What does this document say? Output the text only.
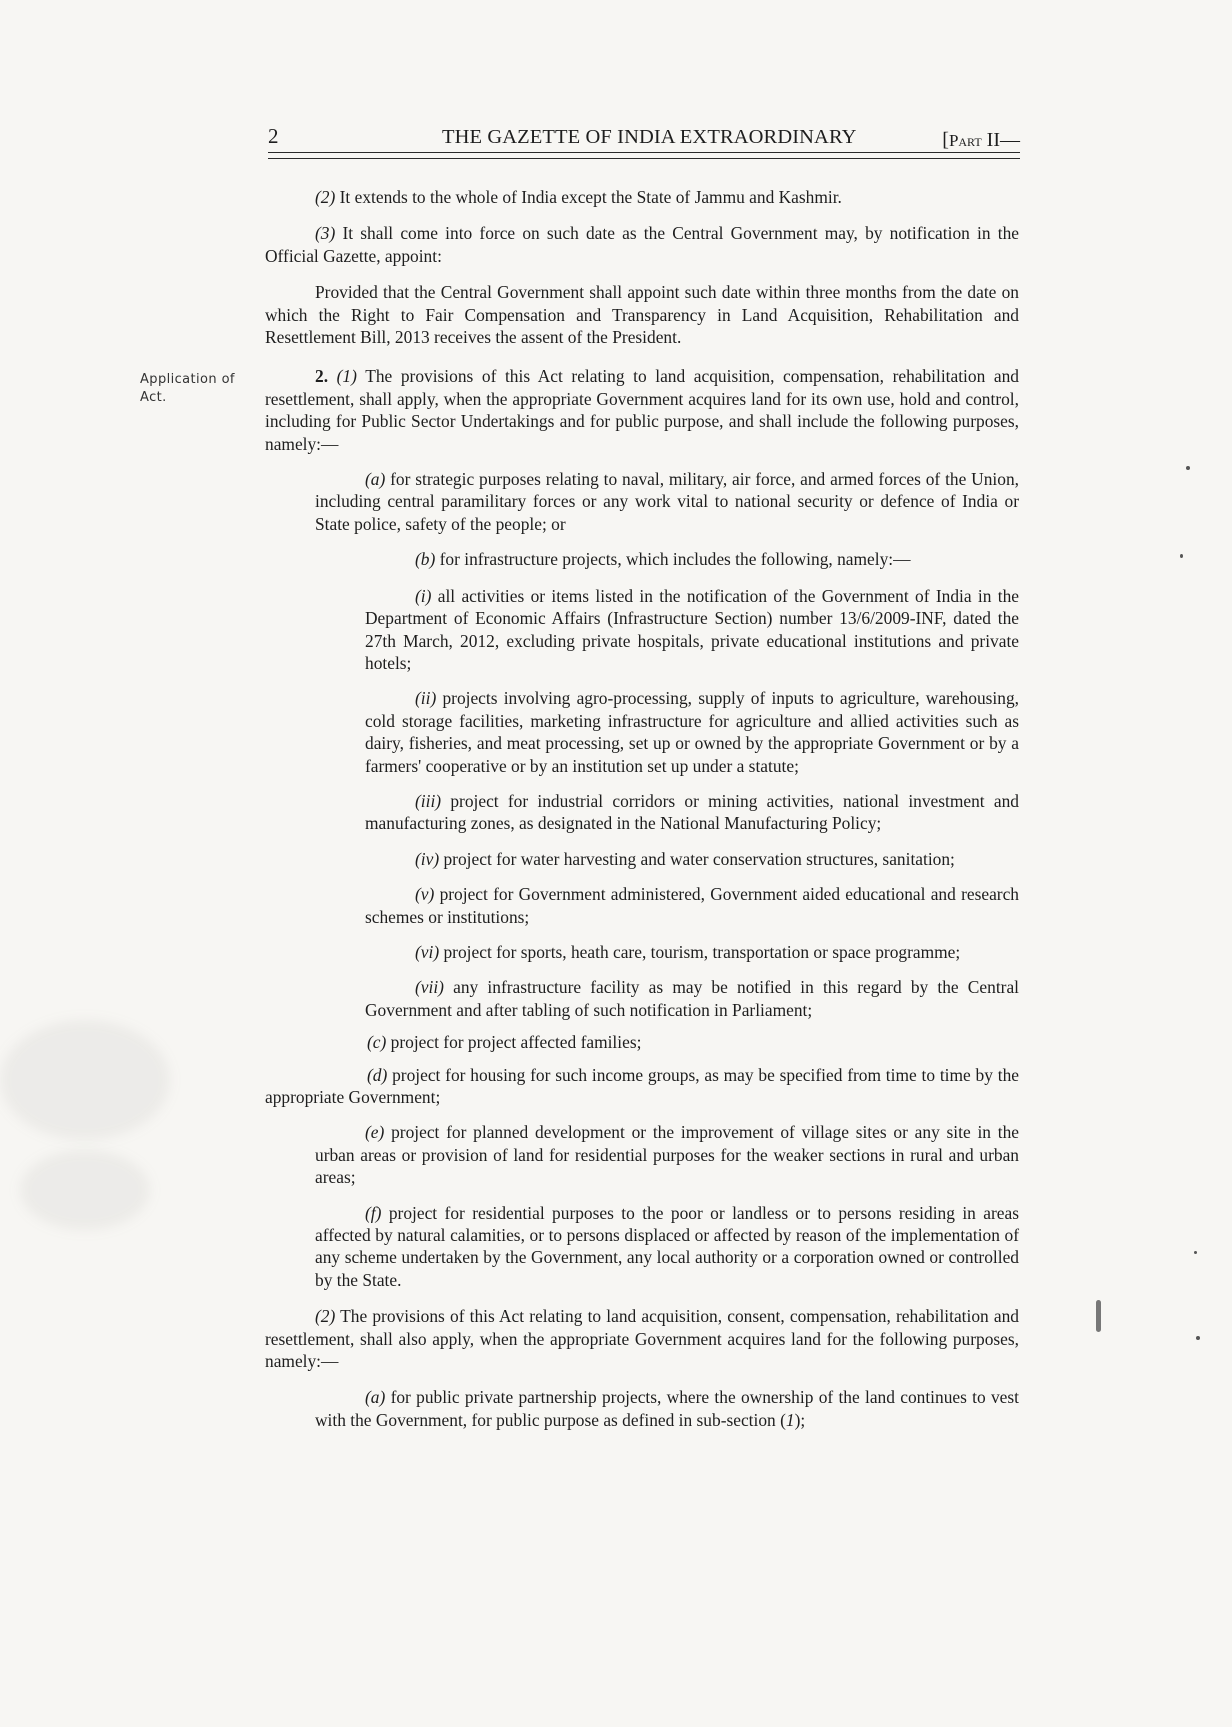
2	THE GAZETTE OF INDIA EXTRAORDINARY	[Part II—
Application of
Act.

(2) It extends to the whole of India except the State of Jammu and Kashmir.

(3) It shall come into force on such date as the Central Government may, by notification in the Official Gazette, appoint:

Provided that the Central Government shall appoint such date within three months from the date on which the Right to Fair Compensation and Transparency in Land Acquisition, Rehabilitation and Resettlement Bill, 2013 receives the assent of the President.

2. (1) The provisions of this Act relating to land acquisition, compensation, rehabilitation and resettlement, shall apply, when the appropriate Government acquires land for its own use, hold and control, including for Public Sector Undertakings and for public purpose, and shall include the following purposes, namely:—

(a) for strategic purposes relating to naval, military, air force, and armed forces of the Union, including central paramilitary forces or any work vital to national security or defence of India or State police, safety of the people; or

(b) for infrastructure projects, which includes the following, namely:—

(i) all activities or items listed in the notification of the Government of India in the Department of Economic Affairs (Infrastructure Section) number 13/6/2009-INF, dated the 27th March, 2012, excluding private hospitals, private educational institutions and private hotels;

(ii) projects involving agro-processing, supply of inputs to agriculture, warehousing, cold storage facilities, marketing infrastructure for agriculture and allied activities such as dairy, fisheries, and meat processing, set up or owned by the appropriate Government or by a farmers' cooperative or by an institution set up under a statute;

(iii) project for industrial corridors or mining activities, national investment and manufacturing zones, as designated in the National Manufacturing Policy;

(iv) project for water harvesting and water conservation structures, sanitation;

(v) project for Government administered, Government aided educational and research schemes or institutions;

(vi) project for sports, heath care, tourism, transportation or space programme;

(vii) any infrastructure facility as may be notified in this regard by the Central Government and after tabling of such notification in Parliament;

(c) project for project affected families;

(d) project for housing for such income groups, as may be specified from time to time by the appropriate Government;

(e) project for planned development or the improvement of village sites or any site in the urban areas or provision of land for residential purposes for the weaker sections in rural and urban areas;

(f) project for residential purposes to the poor or landless or to persons residing in areas affected by natural calamities, or to persons displaced or affected by reason of the implementation of any scheme undertaken by the Government, any local authority or a corporation owned or controlled by the State.

(2) The provisions of this Act relating to land acquisition, consent, compensation, rehabilitation and resettlement, shall also apply, when the appropriate Government acquires land for the following purposes, namely:—

(a) for public private partnership projects, where the ownership of the land continues to vest with the Government, for public purpose as defined in sub-section (1);
